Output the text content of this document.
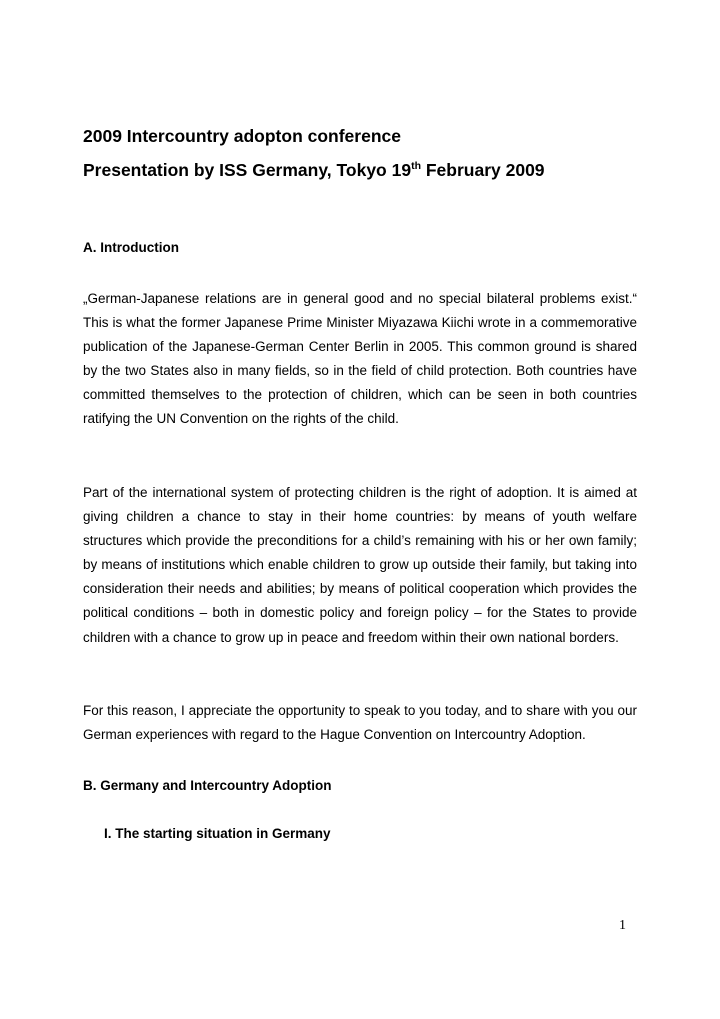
2009 Intercountry adopton conference
Presentation by ISS Germany, Tokyo 19th February 2009
A. Introduction

„German-Japanese relations are in general good and no special bilateral problems exist.“ This is what the former Japanese Prime Minister Miyazawa Kiichi wrote in a commemorative publication of the Japanese-German Center Berlin in 2005. This common ground is shared by the two States also in many fields, so in the field of child protection. Both countries have committed themselves to the protection of children, which can be seen in both countries ratifying the UN Convention on the rights of the child.

Part of the international system of protecting children is the right of adoption. It is aimed at giving children a chance to stay in their home countries: by means of youth welfare structures which provide the preconditions for a child’s remaining with his or her own family; by means of institutions which enable children to grow up outside their family, but taking into consideration their needs and abilities; by means of political cooperation which provides the political conditions – both in domestic policy and foreign policy – for the States to provide children with a chance to grow up in peace and freedom within their own national borders.

For this reason, I appreciate the opportunity to speak to you today, and to share with you our German experiences with regard to the Hague Convention on Intercountry Adoption.

B. Germany and Intercountry Adoption
I. The starting situation in Germany

1
